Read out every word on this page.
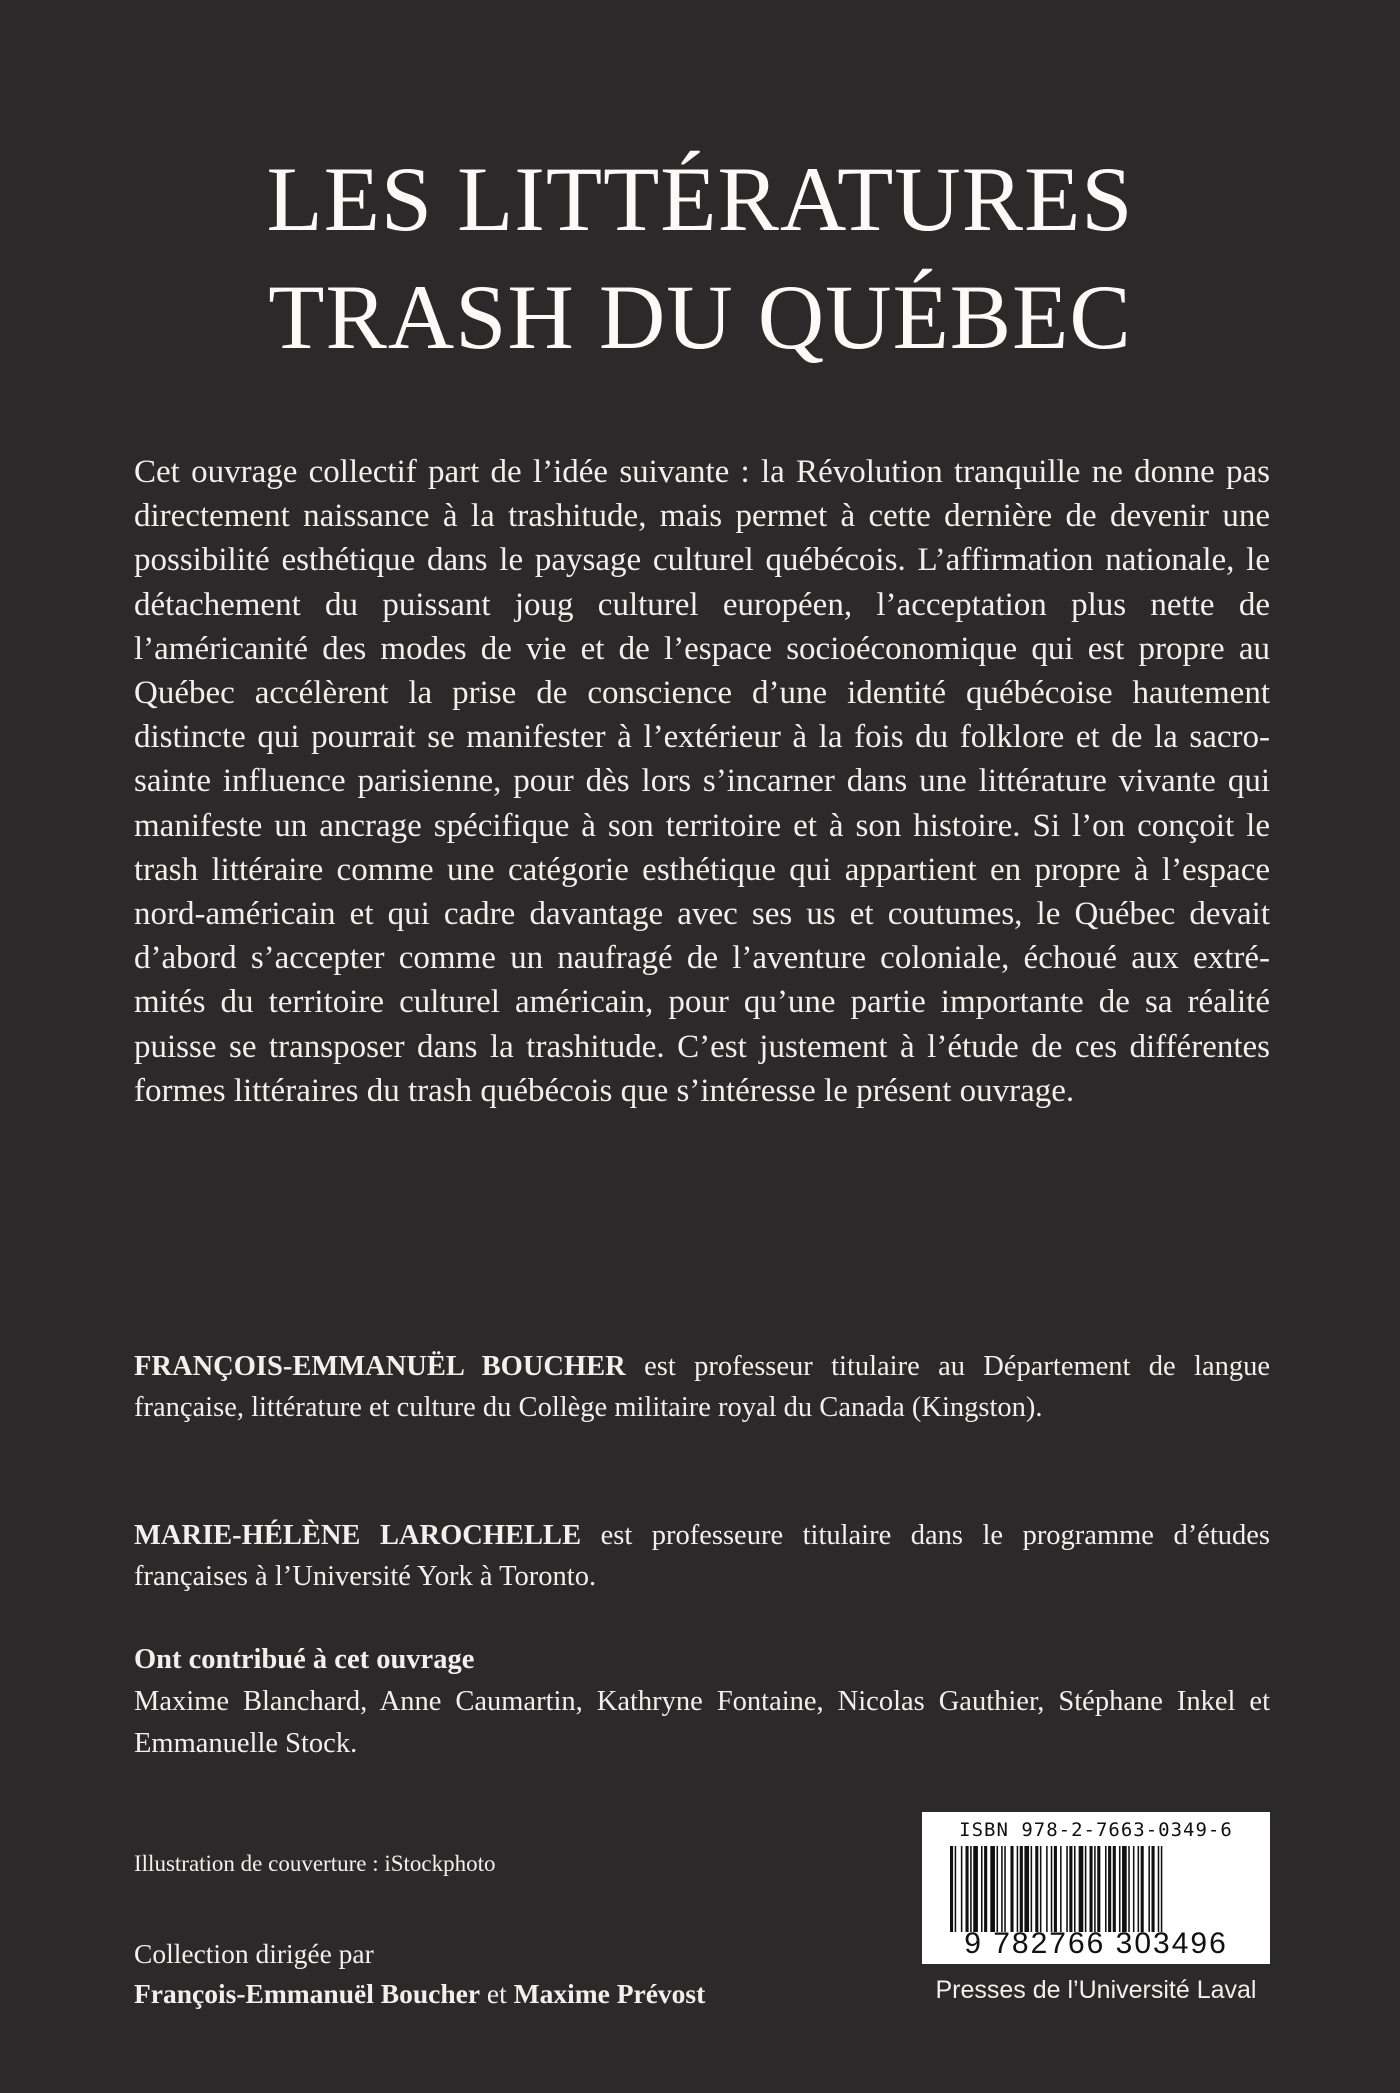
LES LITTÉRATURES
TRASH DU QUÉBEC

Cet ouvrage collectif part de l’idée suivante : la Révolution tranquille ne donne pas directement naissance à la trashitude, mais permet à cette dernière de devenir une possibilité esthétique dans le paysage culturel québécois. L’affirmation nationale, le détachement du puissant joug culturel européen, l’acceptation plus nette de l’américanité des modes de vie et de l’espace socioéconomique qui est propre au Québec accélèrent la prise de conscience d’une identité québécoise hautement distincte qui pourrait se manifester à l’extérieur à la fois du folklore et de la sacro-sainte influence parisienne, pour dès lors s’incarner dans une littérature vivante qui manifeste un ancrage spécifique à son territoire et à son histoire. Si l’on conçoit le trash littéraire comme une catégorie esthétique qui appartient en propre à l’espace nord-américain et qui cadre davantage avec ses us et coutumes, le Québec devait d’abord s’accepter comme un naufragé de l’aventure coloniale, échoué aux extrémités du territoire culturel américain, pour qu’une partie importante de sa réalité puisse se transposer dans la trashitude. C’est justement à l’étude de ces différentes formes littéraires du trash québécois que s’intéresse le présent ouvrage.

FRANÇOIS-EMMANUËL BOUCHER est professeur titulaire au Département de langue française, littérature et culture du Collège militaire royal du Canada (Kingston).

MARIE-HÉLÈNE LAROCHELLE est professeure titulaire dans le programme d’études françaises à l’Université York à Toronto.

Ont contribué à cet ouvrage
Maxime Blanchard, Anne Caumartin, Kathryne Fontaine, Nicolas Gauthier, Stéphane Inkel et Emmanuelle Stock.

Illustration de couverture : iStockphoto
Collection dirigée par
François-Emmanuël Boucher et Maxime Prévost
ISBN 978-2-7663-0349-6
9 782766 303496
Presses de l’Université Laval
